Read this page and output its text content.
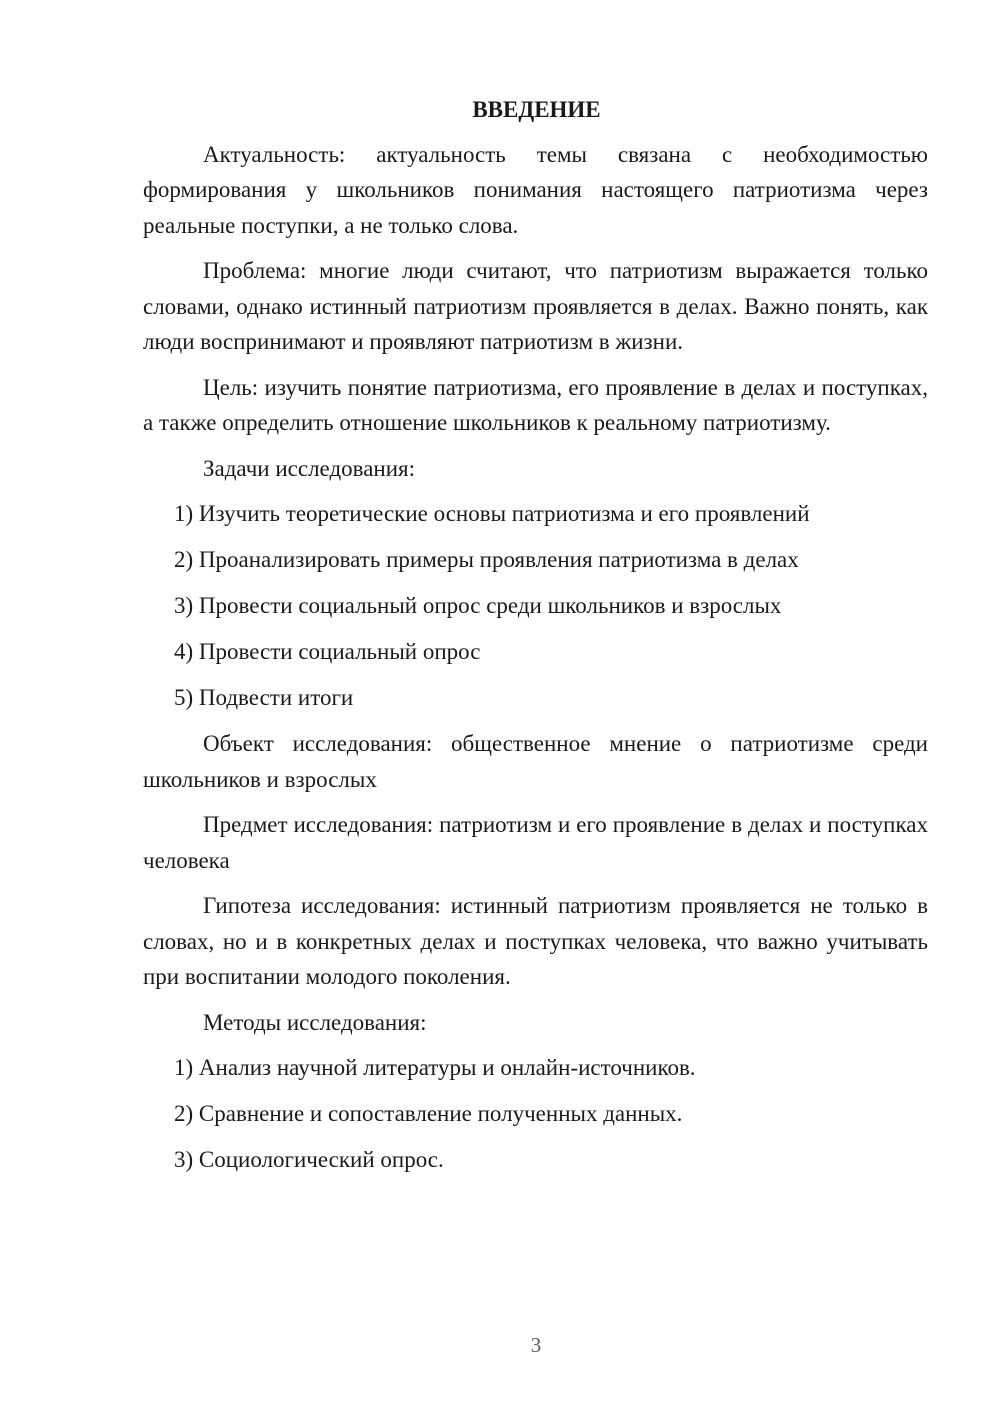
ВВЕДЕНИЕ

Актуальность: актуальность темы связана с необходимостью формирования у школьников понимания настоящего патриотизма через реальные поступки, а не только слова.

Проблема: многие люди считают, что патриотизм выражается только словами, однако истинный патриотизм проявляется в делах. Важно понять, как люди воспринимают и проявляют патриотизм в жизни.

Цель: изучить понятие патриотизма, его проявление в делах и поступках, а также определить отношение школьников к реальному патриотизму.

Задачи исследования:

1) Изучить теоретические основы патриотизма и его проявлений
2) Проанализировать примеры проявления патриотизма в делах
3) Провести социальный опрос среди школьников и взрослых
4) Провести социальный опрос
5) Подвести итоги

Объект исследования: общественное мнение о патриотизме среди школьников и взрослых

Предмет исследования: патриотизм и его проявление в делах и поступках человека

Гипотеза исследования: истинный патриотизм проявляется не только в словах, но и в конкретных делах и поступках человека, что важно учитывать при воспитании молодого поколения.

Методы исследования:

1) Анализ научной литературы и онлайн-источников.
2) Сравнение и сопоставление полученных данных.
3) Социологический опрос.
3
